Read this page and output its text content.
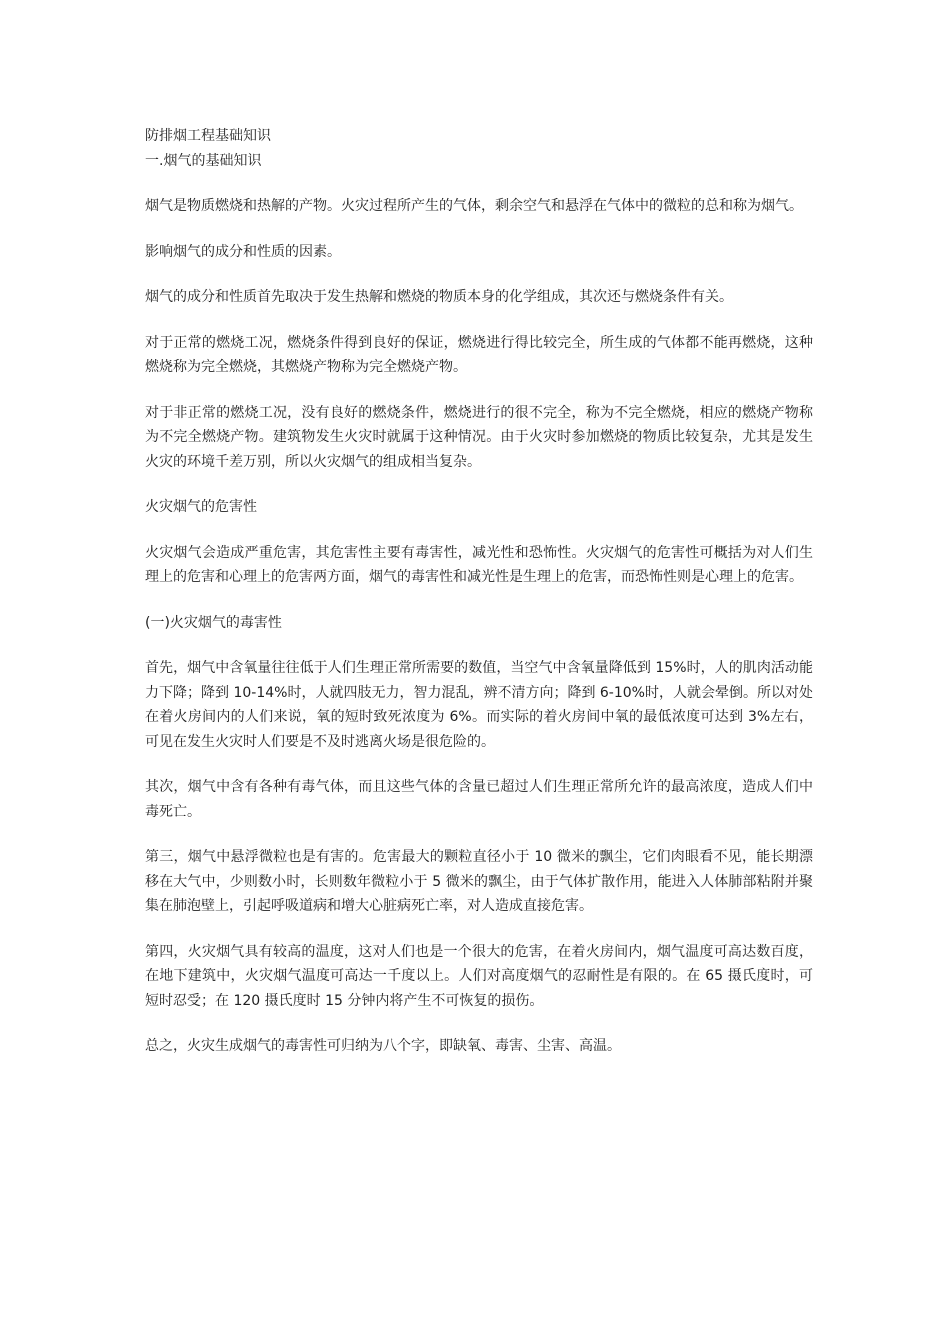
防排烟工程基础知识
一.烟气的基础知识

烟气是物质燃烧和热解的产物。火灾过程所产生的气体，剩余空气和悬浮在气体中的微粒的总和称为烟气。

影响烟气的成分和性质的因素。

烟气的成分和性质首先取决于发生热解和燃烧的物质本身的化学组成，其次还与燃烧条件有关。

对于正常的燃烧工况，燃烧条件得到良好的保证，燃烧进行得比较完全，所生成的气体都不能再燃烧，这种燃烧称为完全燃烧，其燃烧产物称为完全燃烧产物。

对于非正常的燃烧工况，没有良好的燃烧条件，燃烧进行的很不完全，称为不完全燃烧，相应的燃烧产物称为不完全燃烧产物。建筑物发生火灾时就属于这种情况。由于火灾时参加燃烧的物质比较复杂，尤其是发生火灾的环境千差万别，所以火灾烟气的组成相当复杂。

火灾烟气的危害性

火灾烟气会造成严重危害，其危害性主要有毒害性，减光性和恐怖性。火灾烟气的危害性可概括为对人们生理上的危害和心理上的危害两方面，烟气的毒害性和减光性是生理上的危害，而恐怖性则是心理上的危害。

(一)火灾烟气的毒害性

首先，烟气中含氧量往往低于人们生理正常所需要的数值，当空气中含氧量降低到 15%时，人的肌肉活动能力下降；降到 10-14%时，人就四肢无力，智力混乱，辨不清方向；降到 6-10%时，人就会晕倒。所以对处在着火房间内的人们来说，氧的短时致死浓度为 6%。而实际的着火房间中氧的最低浓度可达到 3%左右，可见在发生火灾时人们要是不及时逃离火场是很危险的。

其次，烟气中含有各种有毒气体，而且这些气体的含量已超过人们生理正常所允许的最高浓度，造成人们中毒死亡。

第三，烟气中悬浮微粒也是有害的。危害最大的颗粒直径小于 10 微米的飘尘，它们肉眼看不见，能长期漂移在大气中，少则数小时，长则数年微粒小于 5 微米的飘尘，由于气体扩散作用，能进入人体肺部粘附并聚集在肺泡壁上，引起呼吸道病和增大心脏病死亡率，对人造成直接危害。

第四，火灾烟气具有较高的温度，这对人们也是一个很大的危害，在着火房间内，烟气温度可高达数百度，在地下建筑中，火灾烟气温度可高达一千度以上。人们对高度烟气的忍耐性是有限的。在 65 摄氏度时，可短时忍受；在 120 摄氏度时 15 分钟内将产生不可恢复的损伤。

总之，火灾生成烟气的毒害性可归纳为八个字，即缺氧、毒害、尘害、高温。
